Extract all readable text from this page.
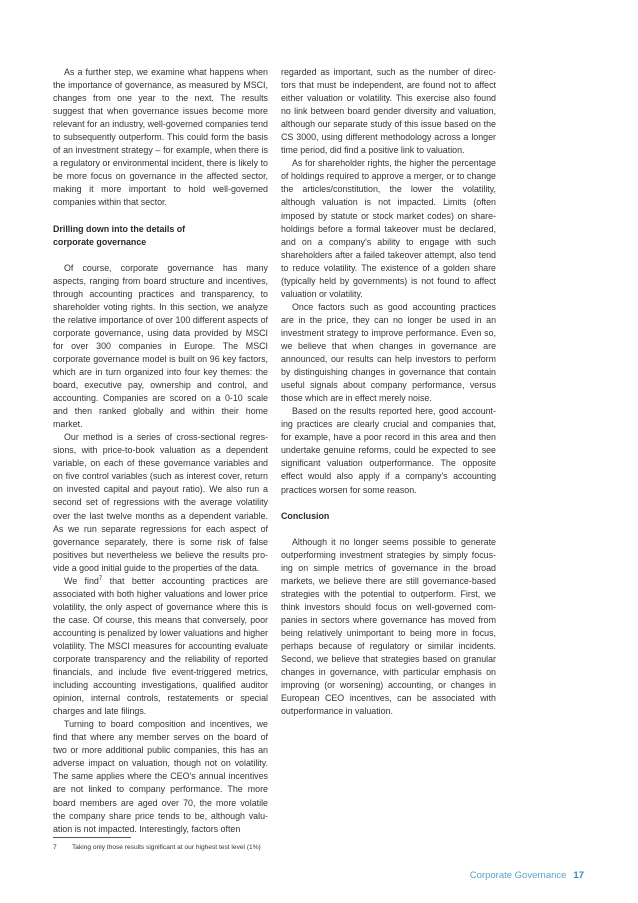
As a further step, we examine what happens when the importance of governance, as measured by MSCI, changes from one year to the next. The results suggest that when governance issues become more relevant for an industry, well-governed companies tend to subsequently outperform. This could form the basis of an investment strategy – for example, when there is a regulatory or environmental incident, there is likely to be more focus on governance in the affected sector, making it more important to hold well-governed companies within that sector.

Drilling down into the details of
corporate governance

Of course, corporate governance has many aspects, ranging from board structure and incentives, through accounting practices and transparency, to shareholder voting rights. In this section, we analyze the relative importance of over 100 different aspects of corporate governance, using data provided by MSCI for over 300 companies in Europe. The MSCI corporate governance model is built on 96 key factors, which are in turn organized into four key themes: the board, executive pay, ownership and control, and accounting. Companies are scored on a 0-10 scale and then ranked globally and within their home market.

Our method is a series of cross-sectional regressions, with price-to-book valuation as a dependent variable, on each of these governance variables and on five control variables (such as interest cover, return on invested capital and payout ratio). We also run a second set of regressions with the average volatility over the last twelve months as a dependent variable. As we run separate regressions for each aspect of governance separately, there is some risk of false positives but nevertheless we believe the results provide a good initial guide to the properties of the data.

We find$^7$ that better accounting practices are associated with both higher valuations and lower price volatility, the only aspect of governance where this is the case. Of course, this means that conversely, poor accounting is penalized by lower valuations and higher volatility. The MSCI measures for accounting evaluate corporate transparency and the reliability of reported financials, and include five event-triggered metrics, including accounting investigations, qualified auditor opinion, internal controls, restatements or special charges and late filings.

Turning to board composition and incentives, we find that where any member serves on the board of two or more additional public companies, this has an adverse impact on valuation, though not on volatility. The same applies where the CEO's annual incentives are not linked to company performance. The more board members are aged over 70, the more volatile the company share price tends to be, although valuation is not impacted. Interestingly, factors often

regarded as important, such as the number of directors that must be independent, are found not to affect either valuation or volatility. This exercise also found no link between board gender diversity and valuation, although our separate study of this issue based on the CS 3000, using different methodology across a longer time period, did find a positive link to valuation.

As for shareholder rights, the higher the percentage of holdings required to approve a merger, or to change the articles/constitution, the lower the volatility, although valuation is not impacted. Limits (often imposed by statute or stock market codes) on shareholdings before a formal takeover must be declared, and on a company's ability to engage with such shareholders after a failed takeover attempt, also tend to reduce volatility. The existence of a golden share (typically held by governments) is not found to affect valuation or volatility.

Once factors such as good accounting practices are in the price, they can no longer be used in an investment strategy to improve performance. Even so, we believe that when changes in governance are announced, our results can help investors to perform by distinguishing changes in governance that contain useful signals about company performance, versus those which are in effect merely noise.

Based on the results reported here, good accounting practices are clearly crucial and companies that, for example, have a poor record in this area and then undertake genuine reforms, could be expected to see significant valuation outperformance. The opposite effect would also apply if a company's accounting practices worsen for some reason.

Conclusion

Although it no longer seems possible to generate outperforming investment strategies by simply focusing on simple metrics of governance in the broad markets, we believe there are still governance-based strategies with the potential to outperform. First, we think investors should focus on well-governed companies in sectors where governance has moved from being relatively unimportant to being more in focus, perhaps because of regulatory or similar incidents. Second, we believe that strategies based on granular changes in governance, with particular emphasis on improving (or worsening) accounting, or changes in European CEO incentives, can be associated with outperformance in valuation.

7 Taking only those results significant at our highest test level (1%)
Corporate Governance 17
